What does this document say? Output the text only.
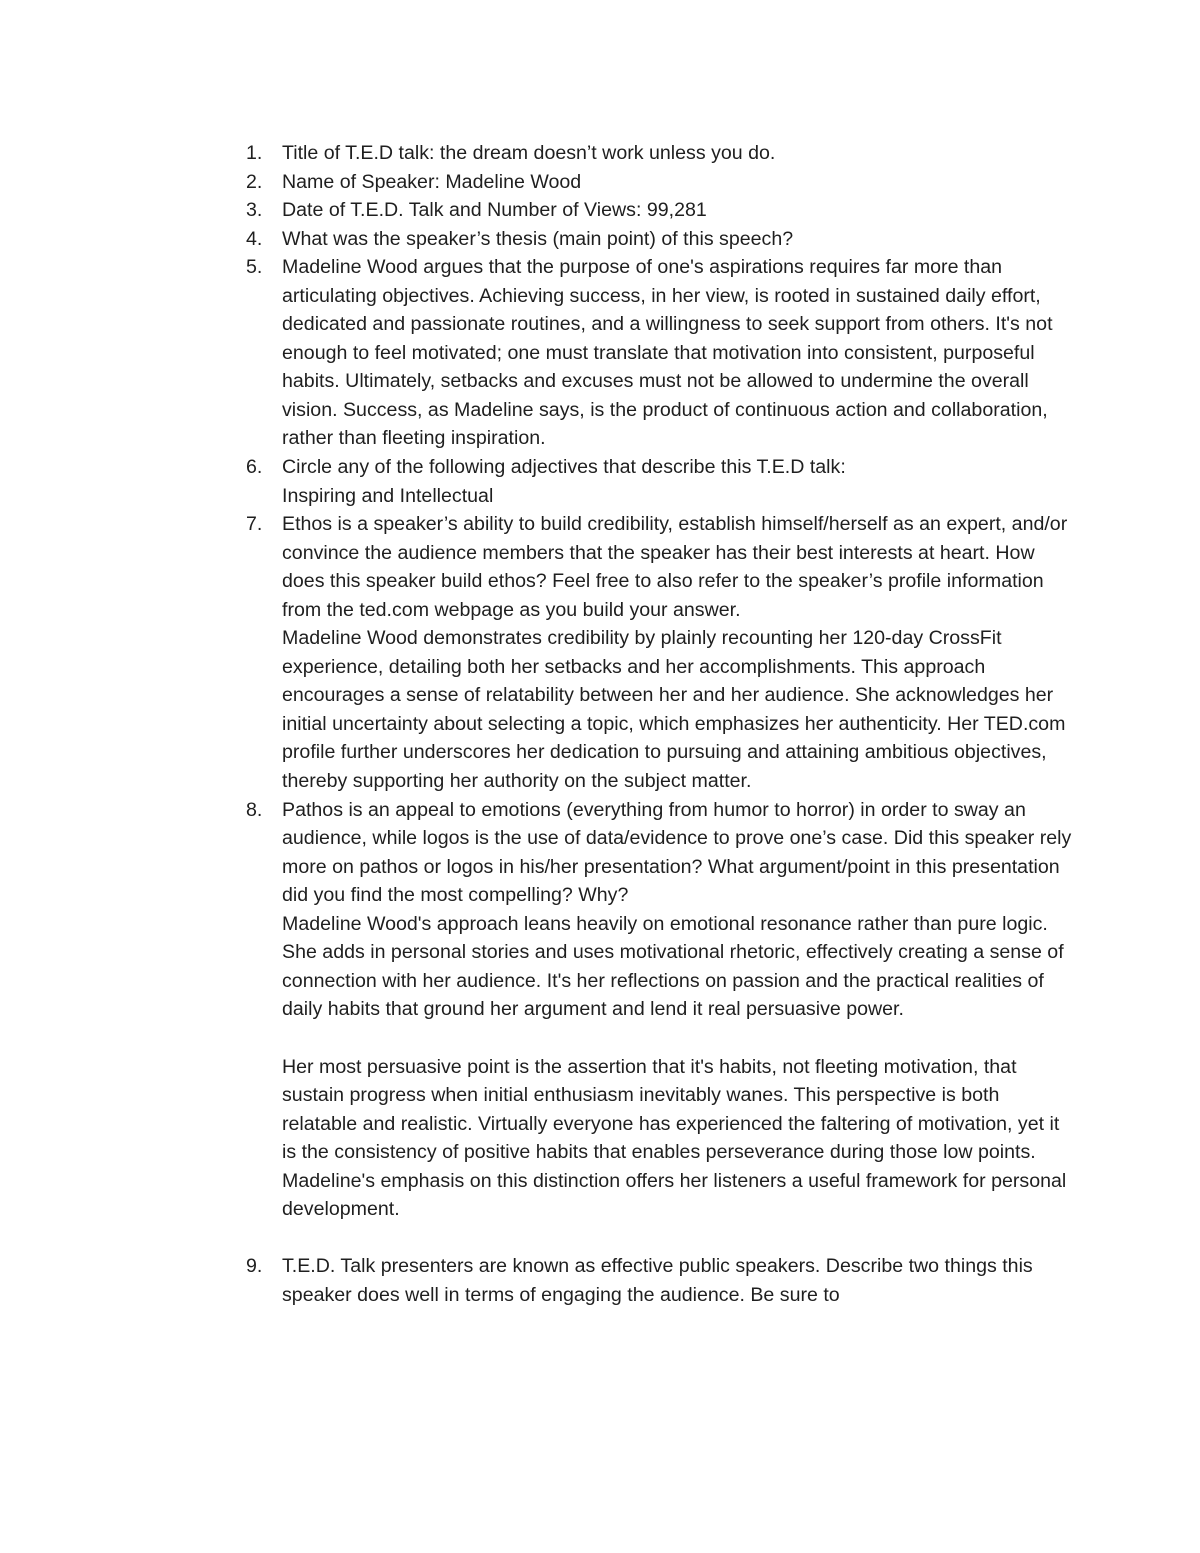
1.	Title of T.E.D talk: the dream doesn’t work unless you do.
2.	Name of Speaker: Madeline Wood
3.	Date of T.E.D. Talk and Number of Views: 99,281
4.	What was the speaker’s thesis (main point) of this speech?
5.	Madeline Wood argues that the purpose of one's aspirations requires far more than articulating objectives. Achieving success, in her view, is rooted in sustained daily effort, dedicated and passionate routines, and a willingness to seek support from others. It's not enough to feel motivated; one must translate that motivation into consistent, purposeful habits. Ultimately, setbacks and excuses must not be allowed to undermine the overall vision. Success, as Madeline says, is the product of continuous action and collaboration, rather than fleeting inspiration.
6.	Circle any of the following adjectives that describe this T.E.D talk:
Inspiring and Intellectual
7.	Ethos is a speaker’s ability to build credibility, establish himself/herself as an expert, and/or convince the audience members that the speaker has their best interests at heart. How does this speaker build ethos? Feel free to also refer to the speaker’s profile information from the ted.com webpage as you build your answer.
Madeline Wood demonstrates credibility by plainly recounting her 120-day CrossFit experience, detailing both her setbacks and her accomplishments. This approach encourages a sense of relatability between her and her audience. She acknowledges her initial uncertainty about selecting a topic, which emphasizes her authenticity. Her TED.com profile further underscores her dedication to pursuing and attaining ambitious objectives, thereby supporting her authority on the subject matter.
8.	Pathos is an appeal to emotions (everything from humor to horror) in order to sway an audience, while logos is the use of data/evidence to prove one’s case. Did this speaker rely more on pathos or logos in his/her presentation? What argument/point in this presentation did you find the most compelling? Why?
Madeline Wood's approach leans heavily on emotional resonance rather than pure logic. She adds in personal stories and uses motivational rhetoric, effectively creating a sense of connection with her audience. It's her reflections on passion and the practical realities of daily habits that ground her argument and lend it real persuasive power.
Her most persuasive point is the assertion that it's habits, not fleeting motivation, that sustain progress when initial enthusiasm inevitably wanes. This perspective is both relatable and realistic. Virtually everyone has experienced the faltering of motivation, yet it is the consistency of positive habits that enables perseverance during those low points. Madeline's emphasis on this distinction offers her listeners a useful framework for personal development.
9.	T.E.D. Talk presenters are known as effective public speakers. Describe two things this speaker does well in terms of engaging the audience. Be sure to
